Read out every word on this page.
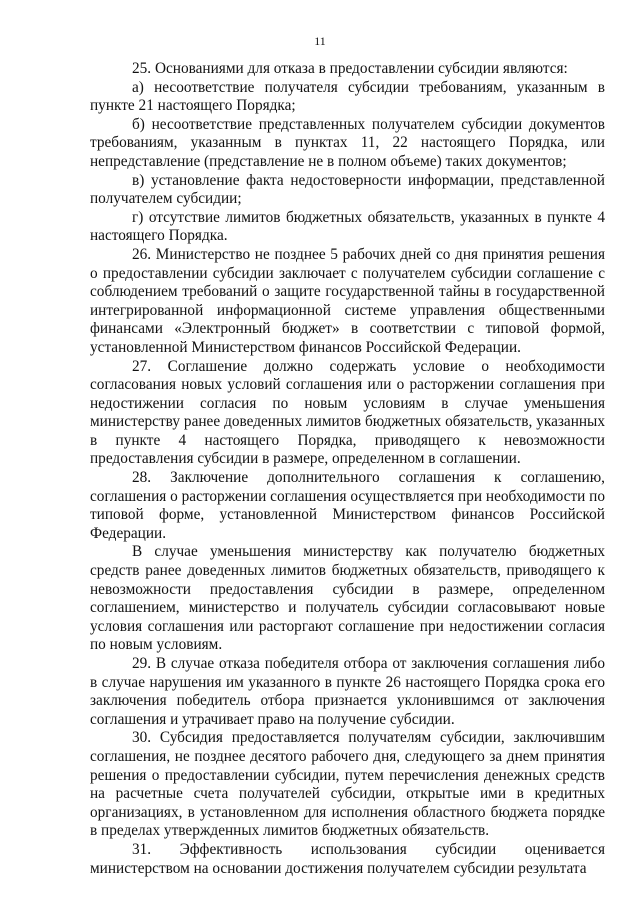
11

25. Основаниями для отказа в предоставлении субсидии являются:

а) несоответствие получателя субсидии требованиям, указанным в пункте 21 настоящего Порядка;

б) несоответствие представленных получателем субсидии документов требованиям, указанным в пунктах 11, 22 настоящего Порядка, или непредставление (представление не в полном объеме) таких документов;

в) установление факта недостоверности информации, представленной получателем субсидии;

г) отсутствие лимитов бюджетных обязательств, указанных в пункте 4 настоящего Порядка.

26. Министерство не позднее 5 рабочих дней со дня принятия решения о предоставлении субсидии заключает с получателем субсидии соглашение с соблюдением требований о защите государственной тайны в государственной интегрированной информационной системе управления общественными финансами «Электронный бюджет» в соответствии с типовой формой, установленной Министерством финансов Российской Федерации.

27. Соглашение должно содержать условие о необходимости согласования новых условий соглашения или о расторжении соглашения при недостижении согласия по новым условиям в случае уменьшения министерству ранее доведенных лимитов бюджетных обязательств, указанных в пункте 4 настоящего Порядка, приводящего к невозможности предоставления субсидии в размере, определенном в соглашении.

28. Заключение дополнительного соглашения к соглашению, соглашения о расторжении соглашения осуществляется при необходимости по типовой форме, установленной Министерством финансов Российской Федерации.

В случае уменьшения министерству как получателю бюджетных средств ранее доведенных лимитов бюджетных обязательств, приводящего к невозможности предоставления субсидии в размере, определенном соглашением, министерство и получатель субсидии согласовывают новые условия соглашения или расторгают соглашение при недостижении согласия по новым условиям.

29. В случае отказа победителя отбора от заключения соглашения либо в случае нарушения им указанного в пункте 26 настоящего Порядка срока его заключения победитель отбора признается уклонившимся от заключения соглашения и утрачивает право на получение субсидии.

30. Субсидия предоставляется получателям субсидии, заключившим соглашения, не позднее десятого рабочего дня, следующего за днем принятия решения о предоставлении субсидии, путем перечисления денежных средств на расчетные счета получателей субсидии, открытые ими в кредитных организациях, в установленном для исполнения областного бюджета порядке в пределах утвержденных лимитов бюджетных обязательств.

31. Эффективность использования субсидии оценивается министерством на основании достижения получателем субсидии результата
